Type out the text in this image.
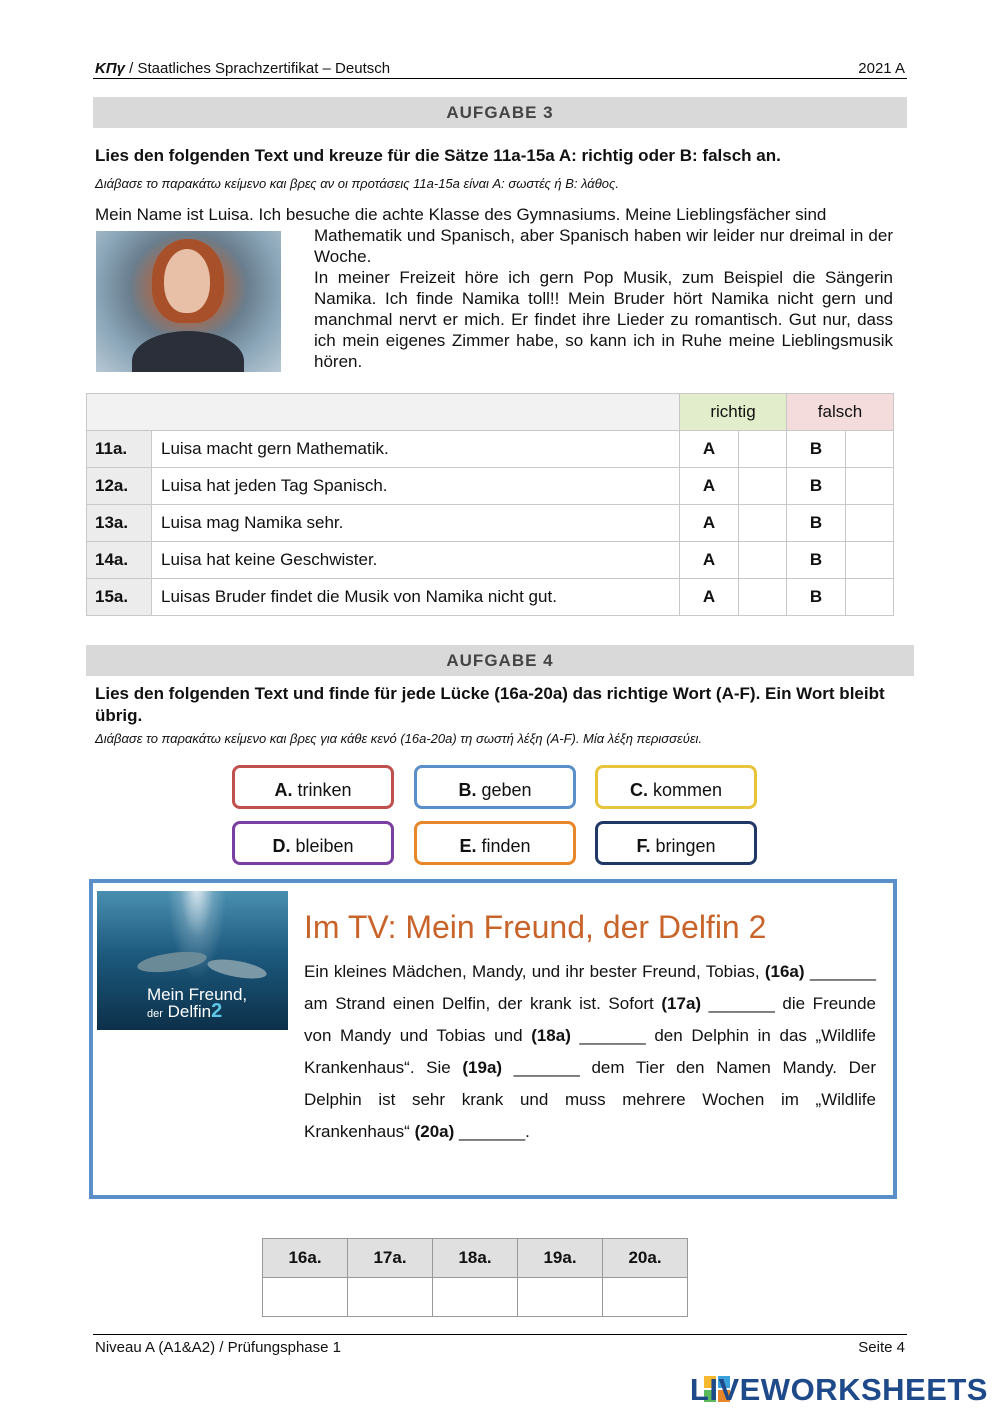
ΚΠγ / Staatliches Sprachzertifikat – Deutsch	2021 A
AUFGABE 3
Lies den folgenden Text und kreuze für die Sätze 11a-15a A: richtig oder B: falsch an.
Διάβασε το παρακάτω κείμενο και βρες αν οι προτάσεις 11a-15a είναι A: σωστές ή B: λάθος.
Mein Name ist Luisa. Ich besuche die achte Klasse des Gymnasiums. Meine Lieblingsfächer sind
Mathematik und Spanisch, aber Spanisch haben wir leider nur dreimal in der Woche.
In meiner Freizeit höre ich gern Pop Musik, zum Beispiel die Sängerin Namika. Ich finde Namika toll!! Mein Bruder hört Namika nicht gern und manchmal nervt er mich. Er findet ihre Lieder zu romantisch. Gut nur, dass ich mein eigenes Zimmer habe, so kann ich in Ruhe meine Lieblingsmusik hören.
		richtig		falsch	
11a.	Luisa macht gern Mathematik.	A		B	
12a.	Luisa hat jeden Tag Spanisch.	A		B	
13a.	Luisa mag Namika sehr.	A		B	
14a.	Luisa hat keine Geschwister.	A		B	
15a.	Luisas Bruder findet die Musik von Namika nicht gut.	A		B	
AUFGABE 4
Lies den folgenden Text und finde für jede Lücke (16a-20a) das richtige Wort (A-F). Ein Wort bleibt übrig.
Διάβασε το παρακάτω κείμενο και βρες για κάθε κενό (16a-20a) τη σωστή λέξη (A-F). Μία λέξη περισσεύει.
A. trinken	B. geben	C. kommen
D. bleiben	E. finden	F. bringen
Mein Freund,
der Delfin2
Im TV: Mein Freund, der Delfin 2
Ein kleines Mädchen, Mandy, und ihr bester Freund, Tobias, (16a) _______ am Strand einen Delfin, der krank ist. Sofort (17a) _______ die Freunde von Mandy und Tobias und (18a) _______ den Delphin in das „Wildlife Krankenhaus“. Sie (19a) _______ dem Tier den Namen Mandy. Der Delphin ist sehr krank und muss mehrere Wochen im „Wildlife Krankenhaus“ (20a) _______.
16a.	17a.	18a.	19a.	20a.

Niveau A (A1&A2) / Prüfungsphase 1	Seite 4
LIVEWORKSHEETS
